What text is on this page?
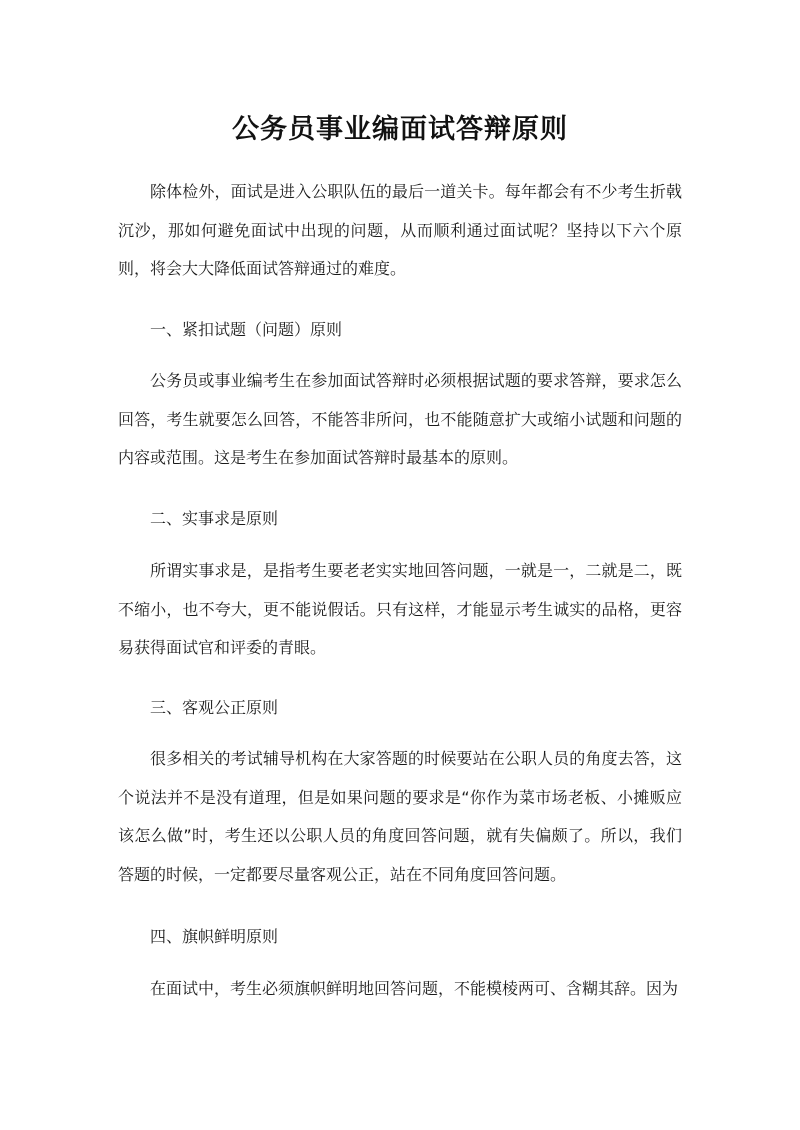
公务员事业编面试答辩原则

除体检外，面试是进入公职队伍的最后一道关卡。每年都会有不少考生折戟沉沙，那如何避免面试中出现的问题，从而顺利通过面试呢？坚持以下六个原则，将会大大降低面试答辩通过的难度。

一、紧扣试题（问题）原则

公务员或事业编考生在参加面试答辩时必须根据试题的要求答辩，要求怎么回答，考生就要怎么回答，不能答非所问，也不能随意扩大或缩小试题和问题的内容或范围。这是考生在参加面试答辩时最基本的原则。

二、实事求是原则

所谓实事求是，是指考生要老老实实地回答问题，一就是一，二就是二，既不缩小，也不夸大，更不能说假话。只有这样，才能显示考生诚实的品格，更容易获得面试官和评委的青眼。

三、客观公正原则

很多相关的考试辅导机构在大家答题的时候要站在公职人员的角度去答，这个说法并不是没有道理，但是如果问题的要求是“你作为菜市场老板、小摊贩应该怎么做”时，考生还以公职人员的角度回答问题，就有失偏颇了。所以，我们答题的时候，一定都要尽量客观公正，站在不同角度回答问题。

四、旗帜鲜明原则

在面试中，考生必须旗帜鲜明地回答问题，不能模棱两可、含糊其辞。因为
